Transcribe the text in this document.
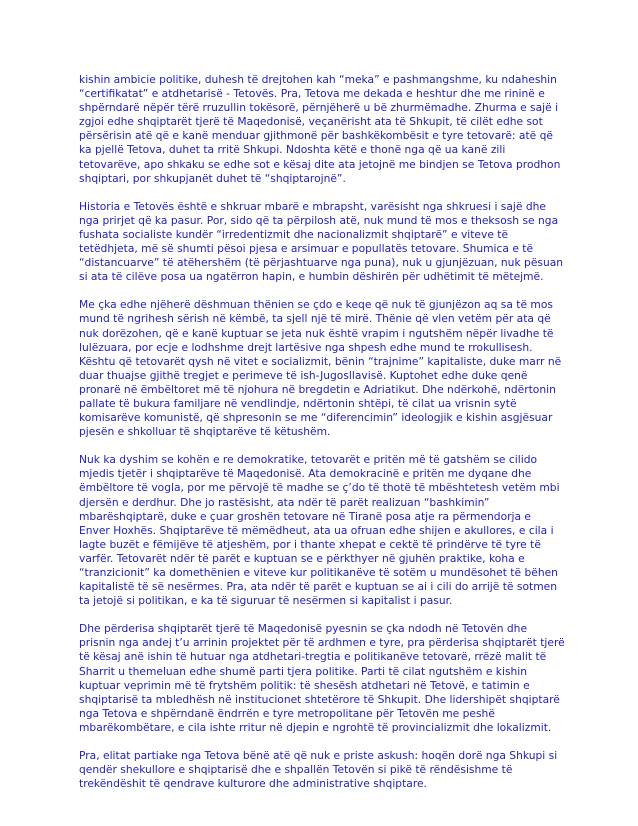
kishin ambicie politike, duhesh të drejtohen kah “meka” e pashmangshme, ku ndaheshin “certifikatat” e atdhetarisë - Tetovës. Pra, Tetova me dekada e heshtur dhe me rininë e shpërndarë nëpër tërë rruzullin tokësorë, përnjëherë u bë zhurmëmadhe. Zhurma e sajë i zgjoi edhe shqiptarët tjerë të Maqedonisë, veçanërisht ata të Shkupit, të cilët edhe sot përsërisin atë që e kanë menduar gjithmonë për bashkëkombësit e tyre tetovarë: atë që ka pjellë Tetova, duhet ta rritë Shkupi. Ndoshta këtë e thonë nga që ua kanë zili tetovarëve, apo shkaku se edhe sot e kësaj dite ata jetojnë me bindjen se Tetova prodhon shqiptari, por shkupjanët duhet të “shqiptarojnë”.

Historia e Tetovës është e shkruar mbarë e mbrapsht, varësisht nga shkruesi i sajë dhe nga prirjet që ka pasur. Por, sido që ta përpilosh atë, nuk mund të mos e theksosh se nga fushata socialiste kundër “irredentizmit dhe nacionalizmit shqiptarë” e viteve të tetëdhjeta, më së shumti pësoi pjesa e arsimuar e popullatës tetovare. Shumica e të “distancuarve” të atëhershëm (të përjashtuarve nga puna), nuk u gjunjëzuan, nuk pësuan si ata të cilëve posa ua ngatërron hapin, e humbin dëshirën për udhëtimit të mëtejmë.

Me çka edhe njëherë dëshmuan thënien se çdo e keqe që nuk të gjunjëzon aq sa të mos mund të ngrihesh sërish në këmbë, ta sjell një të mirë. Thënie që vlen vetëm për ata që nuk dorëzohen, që e kanë kuptuar se jeta nuk është vrapim i ngutshëm nëpër livadhe të lulëzuara, por ecje e lodhshme drejt lartësive nga shpesh edhe mund te rrokullisesh. Kështu që tetovarët qysh në vitet e socializmit, bënin “trajnime” kapitaliste, duke marr në duar thuajse gjithë tregjet e perimeve të ish-Jugosllavisë. Kuptohet edhe duke qenë pronarë në ëmbëltoret më të njohura në bregdetin e Adriatikut. Dhe ndërkohë, ndërtonin pallate të bukura familjare në vendlindje, ndërtonin shtëpi, të cilat ua vrisnin sytë komisarëve komunistë, që shpresonin se me “diferencimin” ideologjik e kishin asgjësuar pjesën e shkolluar të shqiptarëve të këtushëm.

Nuk ka dyshim se kohën e re demokratike, tetovarët e pritën më të gatshëm se cilido mjedis tjetër i shqiptarëve të Maqedonisë. Ata demokracinë e pritën me dyqane dhe ëmbëltore të vogla, por me përvojë të madhe se ç’do të thotë të mbështetesh vetëm mbi djersën e derdhur. Dhe jo rastësisht, ata ndër të parët realizuan “bashkimin” mbarëshqiptarë, duke e çuar groshën tetovare në Tiranë posa atje ra përmendorja e Enver Hoxhës. Shqiptarëve të mëmëdheut, ata ua ofruan edhe shijen e akullores, e cila i lagte buzët e fëmijëve të atjeshëm, por i thante xhepat e cektë të prindërve të tyre të varfër. Tetovarët ndër të parët e kuptuan se e përkthyer në gjuhën praktike, koha e “tranzicionit” ka domethënien e viteve kur politikanëve të sotëm u mundësohet të bëhen kapitalistë të së nesërmes. Pra, ata ndër të parët e kuptuan se ai i cili do arrijë të sotmen ta jetojë si politikan, e ka të siguruar të nesërmen si kapitalist i pasur.

Dhe përderisa shqiptarët tjerë të Maqedonisë pyesnin se çka ndodh në Tetovën dhe prisnin nga andej t’u arrinin projektet për të ardhmen e tyre, pra përderisa shqiptarët tjerë të kësaj anë ishin të hutuar nga atdhetari-tregtia e politikanëve tetovarë, rrëzë malit të Sharrit u themeluan edhe shumë parti tjera politike. Parti të cilat ngutshëm e kishin kuptuar veprimin më të frytshëm politik: të shesësh atdhetari në Tetovë, e tatimin e shqiptarisë ta mbledhësh në institucionet shtetërore të Shkupit. Dhe lidershipët shqiptarë nga Tetova e shpërndanë ëndrrën e tyre metropolitane për Tetovën me peshë mbarëkombëtare, e cila ishte rritur në djepin e ngrohtë të provincializmit dhe lokalizmit.

Pra, elitat partiake nga Tetova bënë atë që nuk e priste askush: hoqën dorë nga Shkupi si qendër shekullore e shqiptarisë dhe e shpallën Tetovën si pikë të rëndësishme të trekëndëshit të qendrave kulturore dhe administrative shqiptare.
